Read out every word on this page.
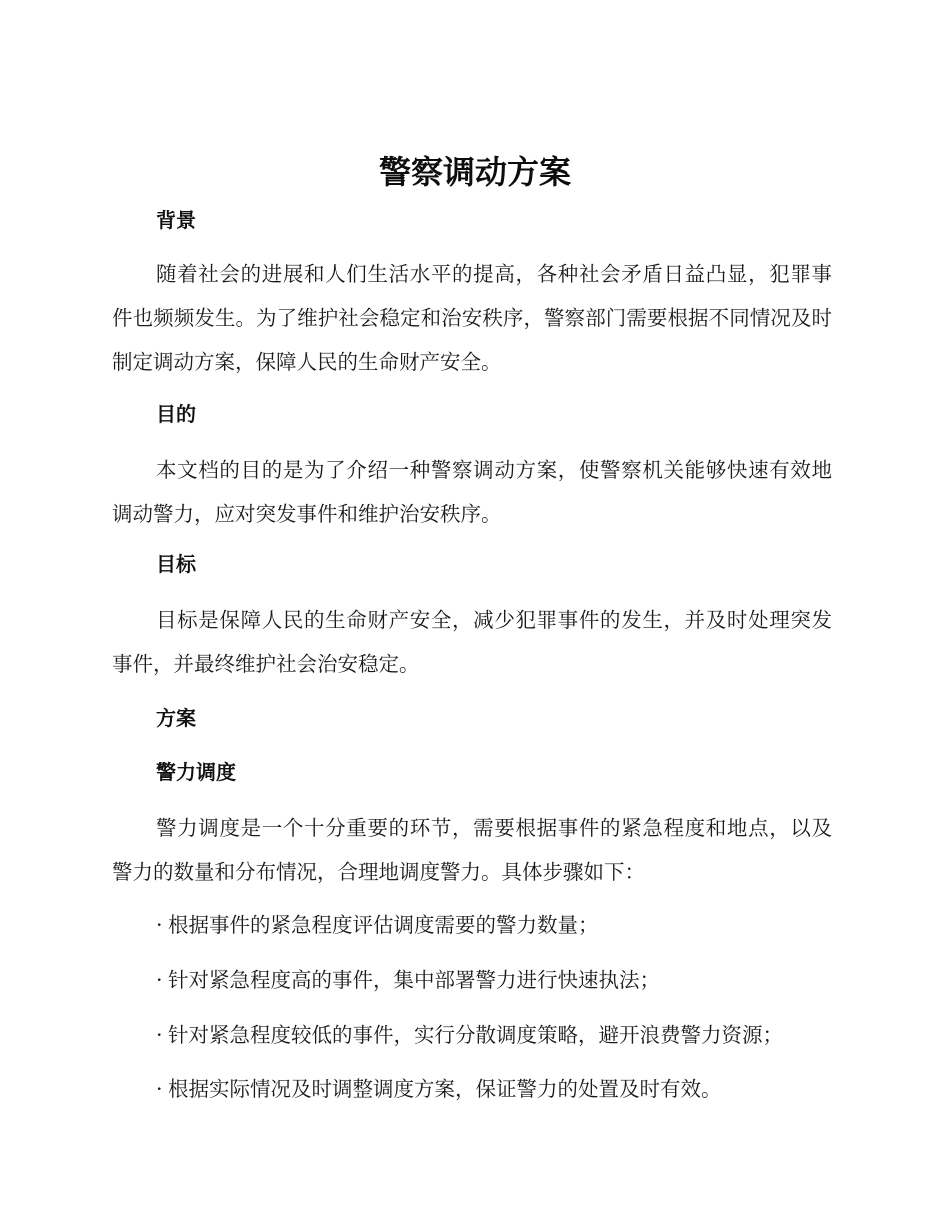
警察调动方案
背景

随着社会的进展和人们生活水平的提高，各种社会矛盾日益凸显，犯罪事件也频频发生。为了维护社会稳定和治安秩序，警察部门需要根据不同情况及时制定调动方案，保障人民的生命财产安全。

目的

本文档的目的是为了介绍一种警察调动方案，使警察机关能够快速有效地调动警力，应对突发事件和维护治安秩序。

目标

目标是保障人民的生命财产安全，减少犯罪事件的发生，并及时处理突发事件，并最终维护社会治安稳定。

方案
警力调度

警力调度是一个十分重要的环节，需要根据事件的紧急程度和地点，以及警力的数量和分布情况，合理地调度警力。具体步骤如下：

· 根据事件的紧急程度评估调度需要的警力数量；

· 针对紧急程度高的事件，集中部署警力进行快速执法；

· 针对紧急程度较低的事件，实行分散调度策略，避开浪费警力资源；

· 根据实际情况及时调整调度方案，保证警力的处置及时有效。
